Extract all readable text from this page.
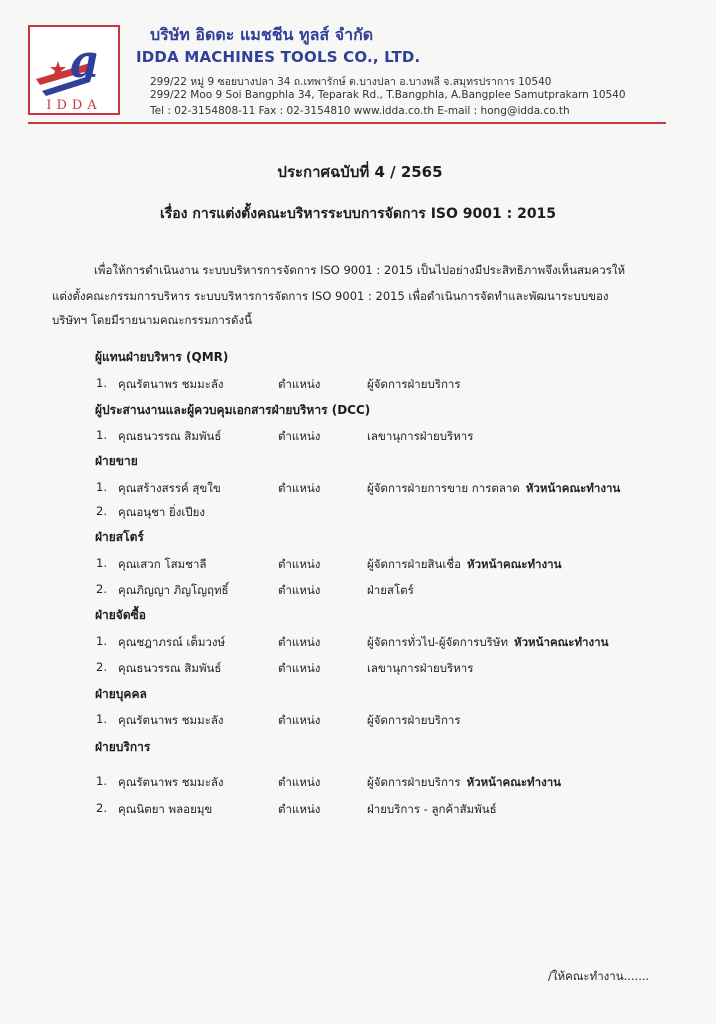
a
IDDA
บริษัท อิดดะ แมชชีน ทูลส์ จำกัด
IDDA MACHINES TOOLS CO., LTD.
299/22 หมู่ 9 ซอยบางปลา 34 ถ.เทพารักษ์ ต.บางปลา อ.บางพลี จ.สมุทรปราการ 10540
299/22 Moo 9 Soi Bangphla 34, Teparak Rd., T.Bangphla, A.Bangplee Samutprakarn 10540
Tel : 02-3154808-11 Fax : 02-3154810 www.idda.co.th E-mail : hong@idda.co.th
ประกาศฉบับที่ 4 / 2565
เรื่อง การแต่งตั้งคณะบริหารระบบการจัดการ ISO 9001 : 2015
เพื่อให้การดำเนินงาน ระบบบริหารการจัดการ ISO 9001 : 2015 เป็นไปอย่างมีประสิทธิภาพจึงเห็นสมควรให้
แต่งตั้งคณะกรรมการบริหาร ระบบบริหารการจัดการ ISO 9001 : 2015 เพื่อดำเนินการจัดทำและพัฒนาระบบของ
บริษัทฯ โดยมีรายนามคณะกรรมการดังนี้
ผู้แทนฝ่ายบริหาร (QMR)
1. คุณรัตนาพร ชมมะลัง	ตำแหน่ง	ผู้จัดการฝ่ายบริการ
ผู้ประสานงานและผู้ควบคุมเอกสารฝ่ายบริหาร (DCC)
1. คุณธนวรรณ สิมพันธ์	ตำแหน่ง	เลขานุการฝ่ายบริหาร
ฝ่ายขาย
1. คุณสร้างสรรค์ สุขใข	ตำแหน่ง	ผู้จัดการฝ่ายการขาย การตลาด หัวหน้าคณะทำงาน
2. คุณอนุชา ยิ่งเปียง
ฝ่ายสโตร์
1. คุณเสวก โสมชาลี	ตำแหน่ง	ผู้จัดการฝ่ายสินเชื่อ หัวหน้าคณะทำงาน
2. คุณภิญญา ภิญโญฤทธิ์	ตำแหน่ง	ฝ่ายสโตร์
ฝ่ายจัดซื้อ
1. คุณชฎาภรณ์ เต็มวงษ์	ตำแหน่ง	ผู้จัดการทั่วไป-ผู้จัดการบริษัท หัวหน้าคณะทำงาน
2. คุณธนวรรณ สิมพันธ์	ตำแหน่ง	เลขานุการฝ่ายบริหาร
ฝ่ายบุคคล
1. คุณรัตนาพร ชมมะลัง	ตำแหน่ง	ผู้จัดการฝ่ายบริการ
ฝ่ายบริการ
1. คุณรัตนาพร ชมมะลัง	ตำแหน่ง	ผู้จัดการฝ่ายบริการ หัวหน้าคณะทำงาน
2. คุณนิตยา พลอยมุข	ตำแหน่ง	ฝ่ายบริการ - ลูกค้าสัมพันธ์
/ให้คณะทำงาน.......
